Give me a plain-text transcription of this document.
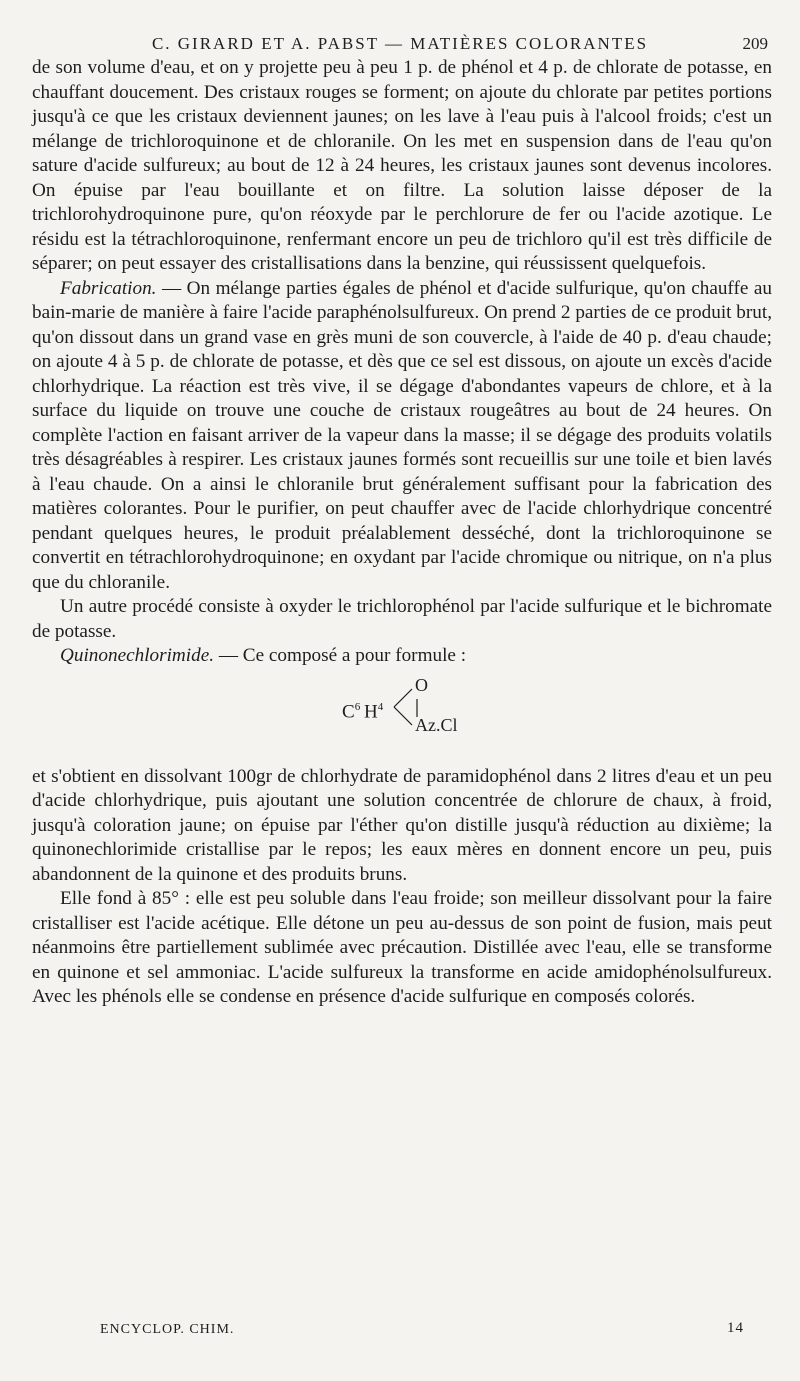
C. GIRARD ET A. PABST — MATIÈRES COLORANTES	209

de son volume d'eau, et on y projette peu à peu 1 p. de phénol et 4 p. de chlorate de potasse, en chauffant doucement. Des cristaux rouges se forment; on ajoute du chlorate par petites portions jusqu'à ce que les cristaux deviennent jaunes; on les lave à l'eau puis à l'alcool froids; c'est un mélange de trichloroquinone et de chloranile. On les met en suspension dans de l'eau qu'on sature d'acide sulfureux; au bout de 12 à 24 heures, les cristaux jaunes sont devenus incolores. On épuise par l'eau bouillante et on filtre. La solution laisse déposer de la trichlorohydroquinone pure, qu'on réoxyde par le perchlorure de fer ou l'acide azotique. Le résidu est la tétrachloroquinone, renfermant encore un peu de trichloro qu'il est très difficile de séparer; on peut essayer des cristallisations dans la benzine, qui réussissent quelquefois.

Fabrication. — On mélange parties égales de phénol et d'acide sulfurique, qu'on chauffe au bain-marie de manière à faire l'acide paraphénolsulfureux. On prend 2 parties de ce produit brut, qu'on dissout dans un grand vase en grès muni de son couvercle, à l'aide de 40 p. d'eau chaude; on ajoute 4 à 5 p. de chlorate de potasse, et dès que ce sel est dissous, on ajoute un excès d'acide chlorhydrique. La réaction est très vive, il se dégage d'abondantes vapeurs de chlore, et à la surface du liquide on trouve une couche de cristaux rougeâtres au bout de 24 heures. On complète l'action en faisant arriver de la vapeur dans la masse; il se dégage des produits volatils très désagréables à respirer. Les cristaux jaunes formés sont recueillis sur une toile et bien lavés à l'eau chaude. On a ainsi le chloranile brut généralement suffisant pour la fabrication des matières colorantes. Pour le purifier, on peut chauffer avec de l'acide chlorhydrique concentré pendant quelques heures, le produit préalablement desséché, dont la trichloroquinone se convertit en tétrachlorohydroquinone; en oxydant par l'acide chromique ou nitrique, on n'a plus que du chloranile.

Un autre procédé consiste à oxyder le trichlorophénol par l'acide sulfurique et le bichromate de potasse.

Quinonechlorimide. — Ce composé a pour formule :

$C^6$  $H^4$
O
Az.Cl

et s'obtient en dissolvant 100gr de chlorhydrate de paramidophénol dans 2 litres d'eau et un peu d'acide chlorhydrique, puis ajoutant une solution concentrée de chlorure de chaux, à froid, jusqu'à coloration jaune; on épuise par l'éther qu'on distille jusqu'à réduction au dixième; la quinonechlorimide cristallise par le repos; les eaux mères en donnent encore un peu, puis abandonnent de la quinone et des produits bruns.

Elle fond à 85° : elle est peu soluble dans l'eau froide; son meilleur dissolvant pour la faire cristalliser est l'acide acétique. Elle détone un peu au-dessus de son point de fusion, mais peut néanmoins être partiellement sublimée avec précaution. Distillée avec l'eau, elle se transforme en quinone et sel ammoniac. L'acide sulfureux la transforme en acide amidophénolsulfureux. Avec les phénols elle se condense en présence d'acide sulfurique en composés colorés.

ENCYCLOP. CHIM.	14
